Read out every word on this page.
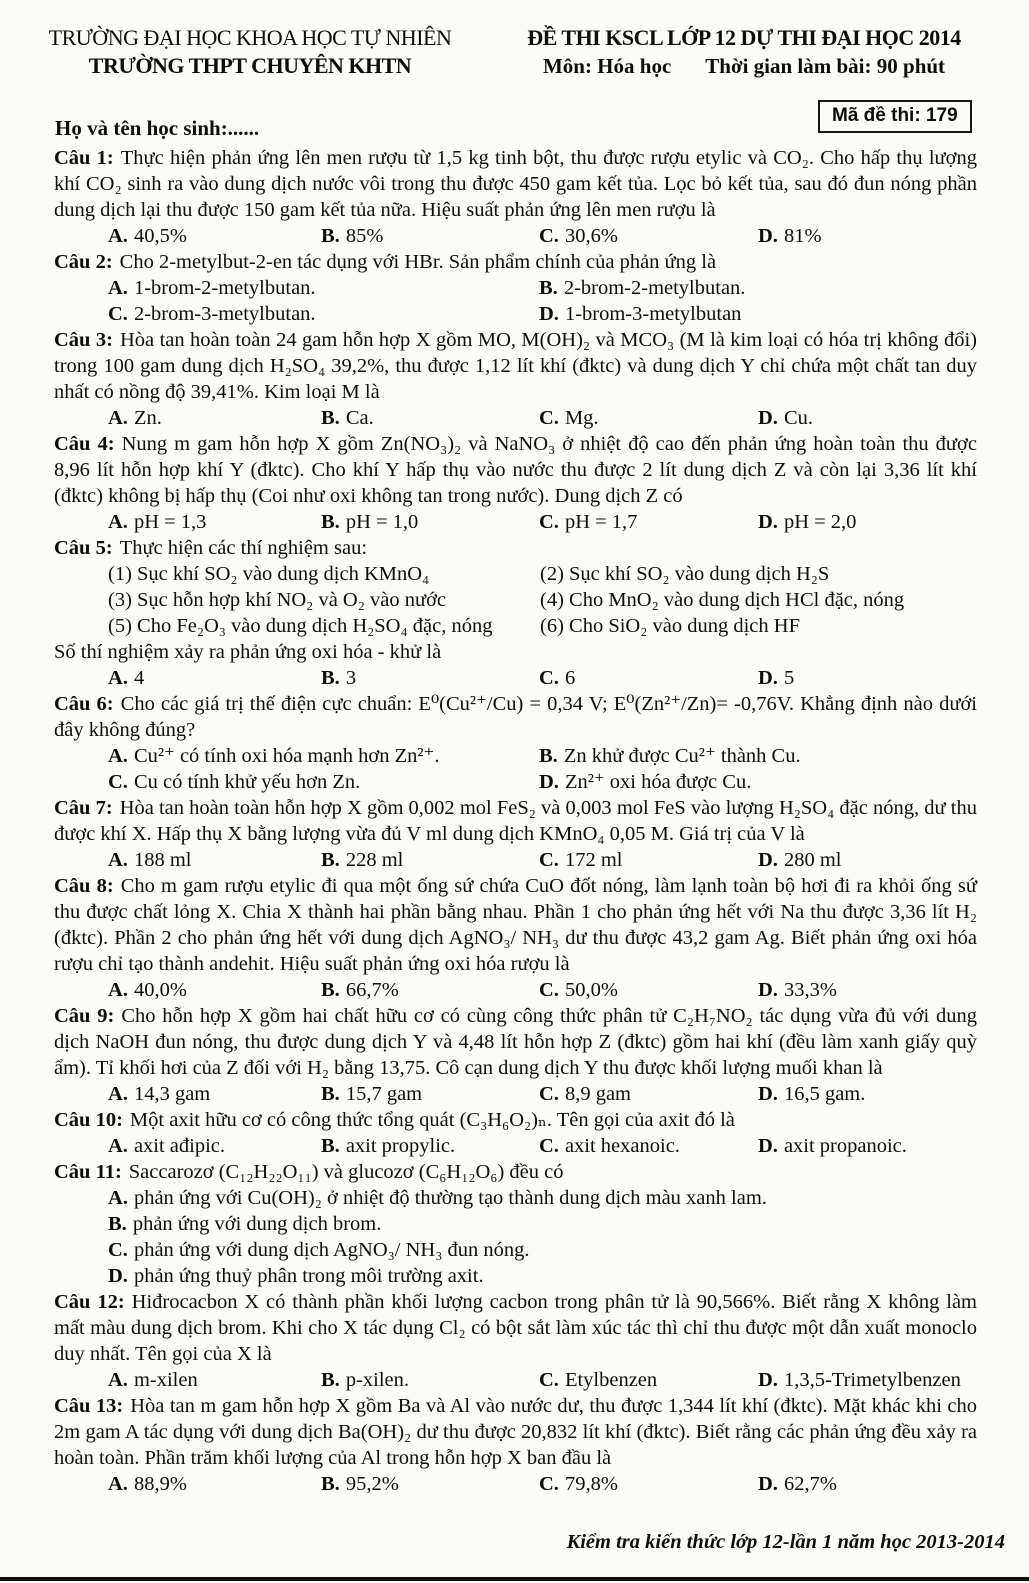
TRƯỜNG ĐẠI HỌC KHOA HỌC TỰ NHIÊN
TRƯỜNG THPT CHUYÊN KHTN
ĐỀ THI KSCL LỚP 12 DỰ THI ĐẠI HỌC 2014
Môn: Hóa học Thời gian làm bài: 90 phút
Mã đề thi: 179
Họ và tên học sinh:......

Câu 1: Thực hiện phản ứng lên men rượu từ 1,5 kg tinh bột, thu được rượu etylic và CO₂. Cho hấp thụ lượng khí CO₂ sinh ra vào dung dịch nước vôi trong thu được 450 gam kết tủa. Lọc bỏ kết tủa, sau đó đun nóng phần dung dịch lại thu được 150 gam kết tủa nữa. Hiệu suất phản ứng lên men rượu là

A. 40,5%	B. 85%	C. 30,6%	D. 81%

Câu 2: Cho 2-metylbut-2-en tác dụng với HBr. Sản phẩm chính của phản ứng là

A. 1-brom-2-metylbutan.	B. 2-brom-2-metylbutan.
C. 2-brom-3-metylbutan.	D. 1-brom-3-metylbutan

Câu 3: Hòa tan hoàn toàn 24 gam hỗn hợp X gồm MO, M(OH)₂ và MCO₃ (M là kim loại có hóa trị không đổi) trong 100 gam dung dịch H₂SO₄ 39,2%, thu được 1,12 lít khí (đktc) và dung dịch Y chỉ chứa một chất tan duy nhất có nồng độ 39,41%. Kim loại M là

A. Zn.	B. Ca.	C. Mg.	D. Cu.

Câu 4: Nung m gam hỗn hợp X gồm Zn(NO₃)₂ và NaNO₃ ở nhiệt độ cao đến phản ứng hoàn toàn thu được 8,96 lít hỗn hợp khí Y (đktc). Cho khí Y hấp thụ vào nước thu được 2 lít dung dịch Z và còn lại 3,36 lít khí (đktc) không bị hấp thụ (Coi như oxi không tan trong nước). Dung dịch Z có

A. pH = 1,3	B. pH = 1,0	C. pH = 1,7	D. pH = 2,0

Câu 5: Thực hiện các thí nghiệm sau:

(1) Sục khí SO₂ vào dung dịch KMnO₄	(2) Sục khí SO₂ vào dung dịch H₂S
(3) Sục hỗn hợp khí NO₂ và O₂ vào nước	(4) Cho MnO₂ vào dung dịch HCl đặc, nóng
(5) Cho Fe₂O₃ vào dung dịch H₂SO₄ đặc, nóng	(6) Cho SiO₂ vào dung dịch HF

Số thí nghiệm xảy ra phản ứng oxi hóa - khử là

A. 4	B. 3	C. 6	D. 5

Câu 6: Cho các giá trị thế điện cực chuẩn: E⁰(Cu²⁺/Cu) = 0,34 V; E⁰(Zn²⁺/Zn)= -0,76V. Khẳng định nào dưới đây không đúng?

A. Cu²⁺ có tính oxi hóa mạnh hơn Zn²⁺.	B. Zn khử được Cu²⁺ thành Cu.
C. Cu có tính khử yếu hơn Zn.	D. Zn²⁺ oxi hóa được Cu.

Câu 7: Hòa tan hoàn toàn hỗn hợp X gồm 0,002 mol FeS₂ và 0,003 mol FeS vào lượng H₂SO₄ đặc nóng, dư thu được khí X. Hấp thụ X bằng lượng vừa đủ V ml dung dịch KMnO₄ 0,05 M. Giá trị của V là

A. 188 ml	B. 228 ml	C. 172 ml	D. 280 ml

Câu 8: Cho m gam rượu etylic đi qua một ống sứ chứa CuO đốt nóng, làm lạnh toàn bộ hơi đi ra khỏi ống sứ thu được chất lỏng X. Chia X thành hai phần bằng nhau. Phần 1 cho phản ứng hết với Na thu được 3,36 lít H₂ (đktc). Phần 2 cho phản ứng hết với dung dịch AgNO₃/ NH₃ dư thu được 43,2 gam Ag. Biết phản ứng oxi hóa rượu chỉ tạo thành andehit. Hiệu suất phản ứng oxi hóa rượu là

A. 40,0%	B. 66,7%	C. 50,0%	D. 33,3%

Câu 9: Cho hỗn hợp X gồm hai chất hữu cơ có cùng công thức phân tử C₂H₇NO₂ tác dụng vừa đủ với dung dịch NaOH đun nóng, thu được dung dịch Y và 4,48 lít hỗn hợp Z (đktc) gồm hai khí (đều làm xanh giấy quỳ ẩm). Tỉ khối hơi của Z đối với H₂ bằng 13,75. Cô cạn dung dịch Y thu được khối lượng muối khan là

A. 14,3 gam	B. 15,7 gam	C. 8,9 gam	D. 16,5 gam.

Câu 10: Một axit hữu cơ có công thức tổng quát (C₃H₆O₂)ₙ. Tên gọi của axit đó là

A. axit ađipic.	B. axit propylic.	C. axit hexanoic.	D. axit propanoic.

Câu 11: Saccarozơ (C₁₂H₂₂O₁₁) và glucozơ (C₆H₁₂O₆) đều có

A. phản ứng với Cu(OH)₂ ở nhiệt độ thường tạo thành dung dịch màu xanh lam.
B. phản ứng với dung dịch brom.
C. phản ứng với dung dịch AgNO₃/ NH₃ đun nóng.
D. phản ứng thuỷ phân trong môi trường axit.

Câu 12: Hiđrocacbon X có thành phần khối lượng cacbon trong phân tử là 90,566%. Biết rằng X không làm mất màu dung dịch brom. Khi cho X tác dụng Cl₂ có bột sắt làm xúc tác thì chỉ thu được một dẫn xuất monoclo duy nhất. Tên gọi của X là

A. m-xilen	B. p-xilen.	C. Etylbenzen	D. 1,3,5-Trimetylbenzen

Câu 13: Hòa tan m gam hỗn hợp X gồm Ba và Al vào nước dư, thu được 1,344 lít khí (đktc). Mặt khác khi cho 2m gam A tác dụng với dung dịch Ba(OH)₂ dư thu được 20,832 lít khí (đktc). Biết rằng các phản ứng đều xảy ra hoàn toàn. Phần trăm khối lượng của Al trong hỗn hợp X ban đầu là

A. 88,9%	B. 95,2%	C. 79,8%	D. 62,7%
Kiểm tra kiến thức lớp 12-lần 1 năm học 2013-2014
